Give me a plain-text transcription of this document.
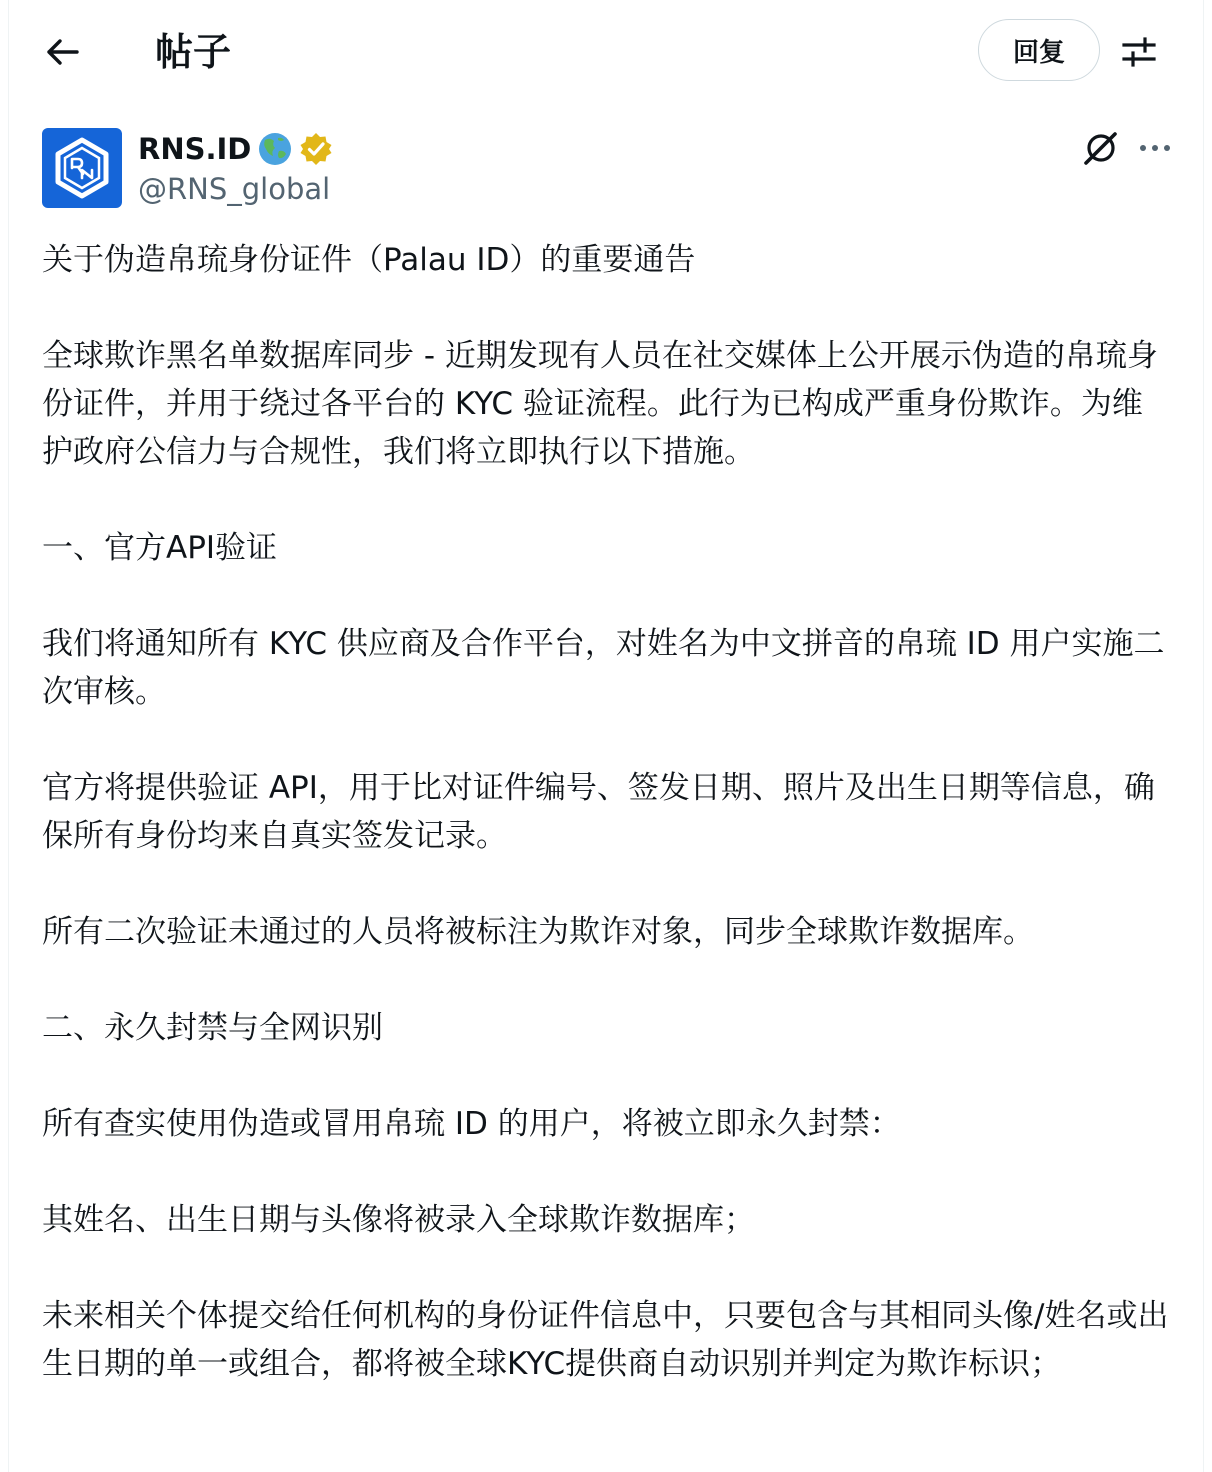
帖子	回复
RNS.ID
@RNS_global

关于伪造帛琉身份证件（Palau ID）的重要通告

全球欺诈黑名单数据库同步 - 近期发现有人员在社交媒体上公开展示伪造的帛琉身份证件，并用于绕过各平台的 KYC 验证流程。此行为已构成严重身份欺诈。为维护政府公信力与合规性，我们将立即执行以下措施。

一、官方API验证

我们将通知所有 KYC 供应商及合作平台，对姓名为中文拼音的帛琉 ID 用户实施二次审核。

官方将提供验证 API，用于比对证件编号、签发日期、照片及出生日期等信息，确保所有身份均来自真实签发记录。

所有二次验证未通过的人员将被标注为欺诈对象，同步全球欺诈数据库。

二、永久封禁与全网识别

所有查实使用伪造或冒用帛琉 ID 的用户，将被立即永久封禁：

其姓名、出生日期与头像将被录入全球欺诈数据库；

未来相关个体提交给任何机构的身份证件信息中，只要包含与其相同头像/姓名或出生日期的单一或组合，都将被全球KYC提供商自动识别并判定为欺诈标识；
